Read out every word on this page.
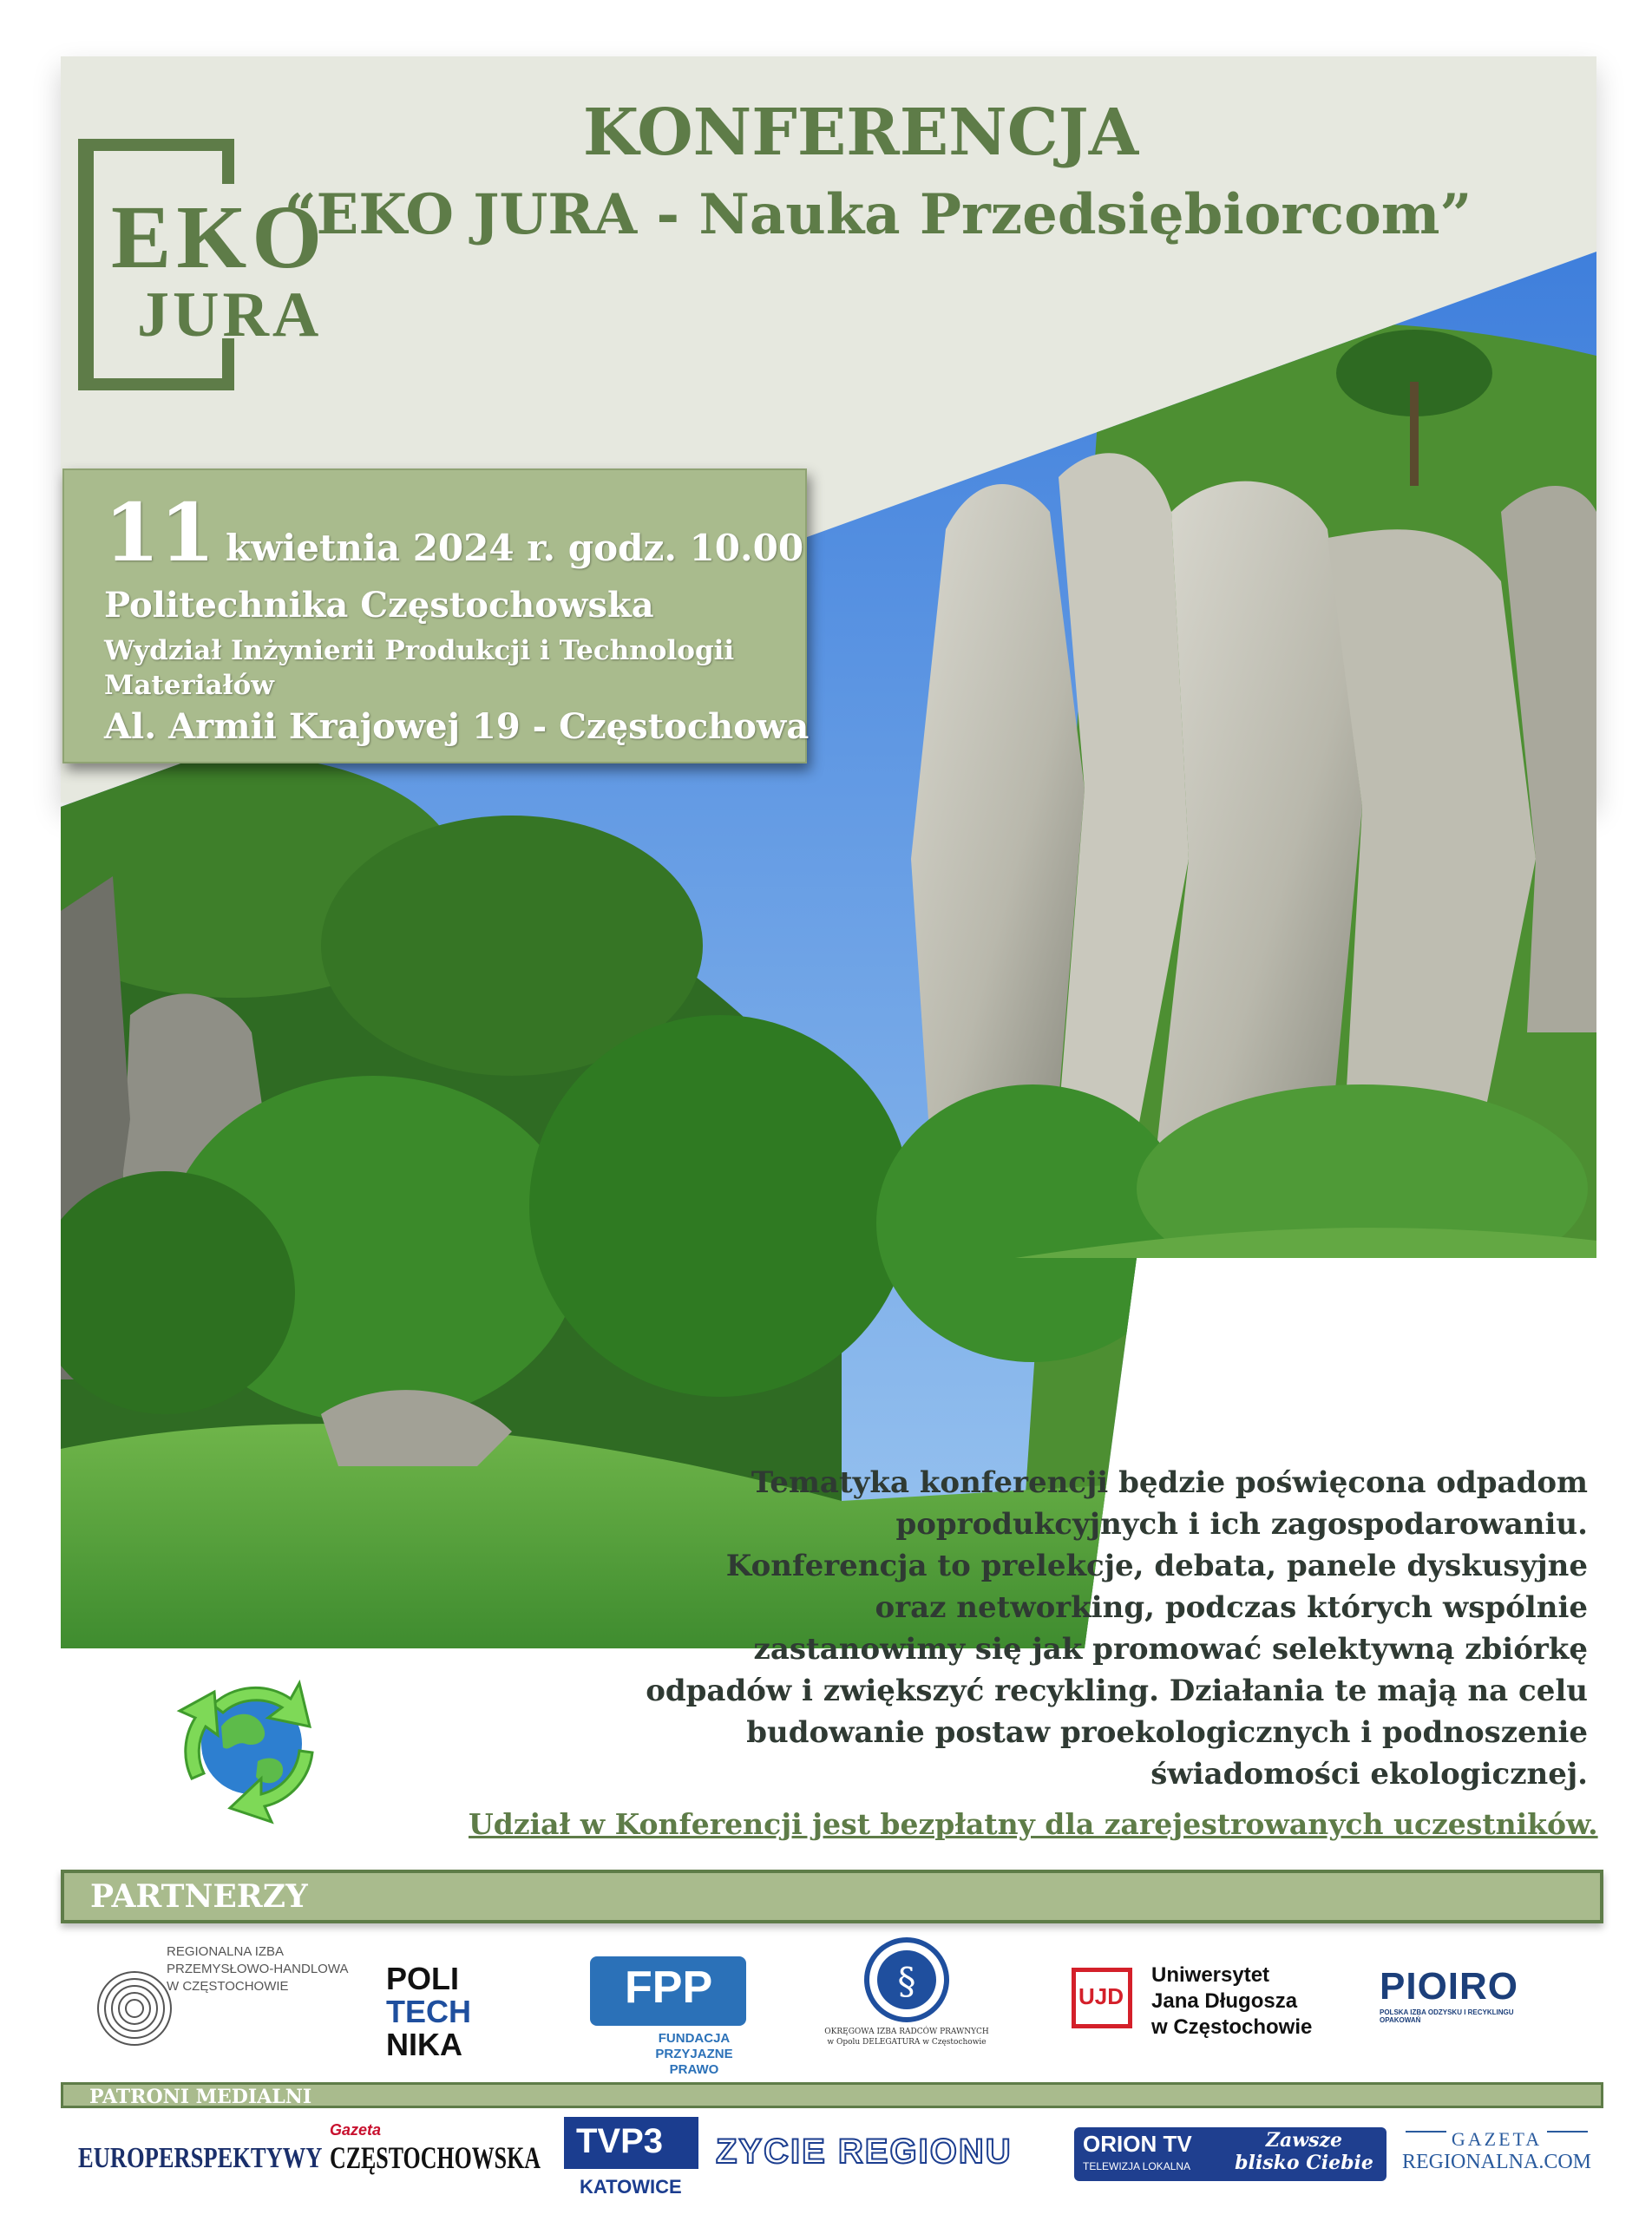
EKO
JURA
KONFERENCJA
“EKO JURA - Nauka Przedsiębiorcom”
11 kwietnia 2024 r. godz. 10.00
Politechnika Częstochowska
Wydział Inżynierii Produkcji i Technologii
Materiałów
Al. Armii Krajowej 19 - Częstochowa
Tematyka konferencji będzie poświęcona odpadom
poprodukcyjnych i ich zagospodarowaniu.
Konferencja to prelekcje, debata, panele dyskusyjne
oraz networking, podczas których wspólnie
zastanowimy się jak promować selektywną zbiórkę
odpadów i zwiększyć recykling. Działania te mają na celu
budowanie postaw proekologicznych i podnoszenie
świadomości ekologicznej.
Udział w Konferencji jest bezpłatny dla zarejestrowanych uczestników.
PARTNERZY
REGIONALNA IZBA
PRZEMYSŁOWO-HANDLOWA
W CZĘSTOCHOWIE	POLI
TECH
NIKA
FPP
FUNDACJA
PRZYJAZNE PRAWO
§
OKRĘGOWA IZBA RADCÓW PRAWNYCH
w Opolu DELEGATURA w Częstochowie
UJD
Uniwersytet
Jana Długosza
w Częstochowie
PIOIRO
POLSKA IZBA ODZYSKU I RECYKLINGU OPAKOWAŃ
PATRONI MEDIALNI
EUROPERSPEKTYWY
Gazeta
CZĘSTOCHOWSKA TVP3
KATOWICE
ZYCIE REGIONU	ORION TV
TELEWIZJA LOKALNA
Zawsze
blisko Ciebie
GAZETA
REGIONALNA.COM
